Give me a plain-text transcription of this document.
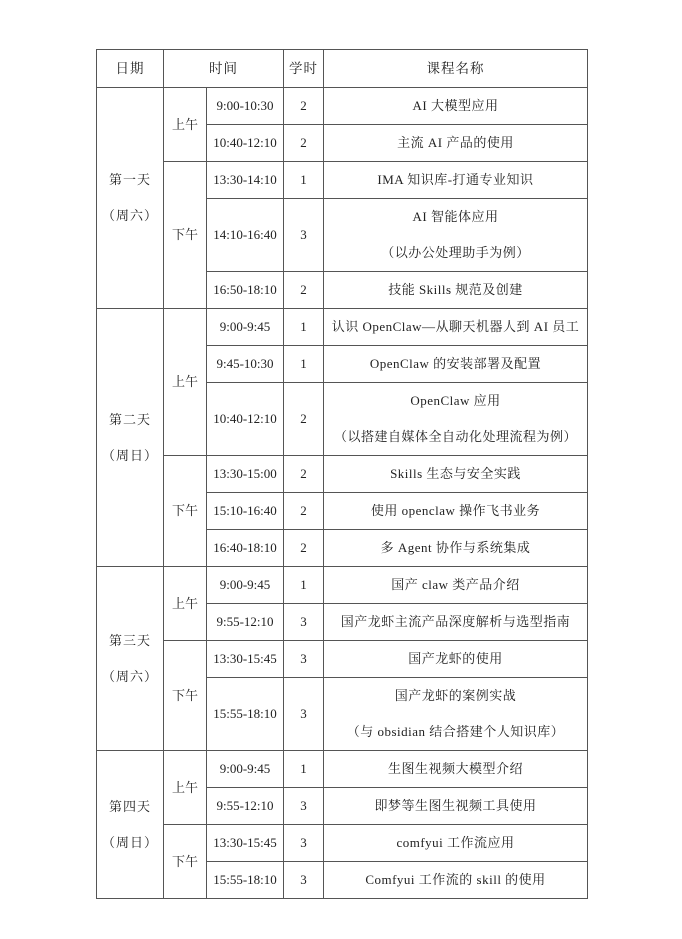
日期	时间		学时	课程名称

第一天
（周六）	上午	9:00-10:30	2	AI 大模型应用

		10:40-12:10	2	主流 AI 产品的使用

	下午	13:30-14:10	1	IMA 知识库-打通专业知识

		14:10-16:40	3	AI 智能体应用
（以办公处理助手为例）

		16:50-18:10	2	技能 Skills 规范及创建

第二天
（周日）	上午	9:00-9:45	1	认识 OpenClaw—从聊天机器人到 AI 员工

		9:45-10:30	1	OpenClaw 的安装部署及配置

		10:40-12:10	2	OpenClaw 应用
（以搭建自媒体全自动化处理流程为例）

	下午	13:30-15:00	2	Skills 生态与安全实践

		15:10-16:40	2	使用 openclaw 操作飞书业务

		16:40-18:10	2	多 Agent 协作与系统集成

第三天
（周六）	上午	9:00-9:45	1	国产 claw 类产品介绍

		9:55-12:10	3	国产龙虾主流产品深度解析与选型指南

	下午	13:30-15:45	3	国产龙虾的使用

		15:55-18:10	3	国产龙虾的案例实战
（与 obsidian 结合搭建个人知识库）

第四天
（周日）	上午	9:00-9:45	1	生图生视频大模型介绍

		9:55-12:10	3	即梦等生图生视频工具使用

	下午	13:30-15:45	3	comfyui 工作流应用

		15:55-18:10	3	Comfyui 工作流的 skill 的使用
